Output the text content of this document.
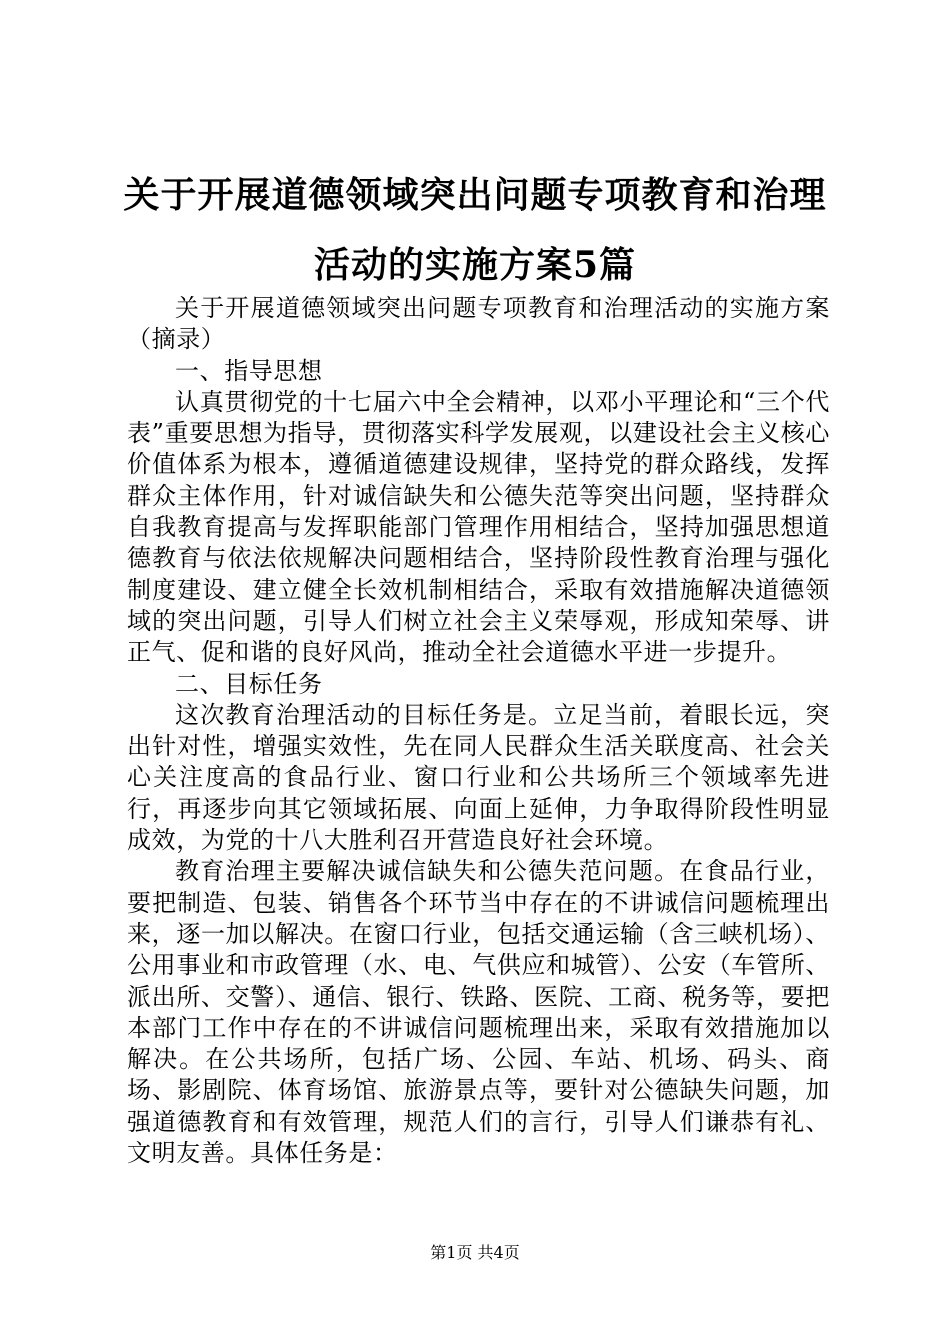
关于开展道德领域突出问题专项教育和治理活动的实施方案5篇

关于开展道德领域突出问题专项教育和治理活动的实施方案（摘录）

一、指导思想

认真贯彻党的十七届六中全会精神，以邓小平理论和“三个代表”重要思想为指导，贯彻落实科学发展观，以建设社会主义核心价值体系为根本，遵循道德建设规律，坚持党的群众路线，发挥群众主体作用，针对诚信缺失和公德失范等突出问题，坚持群众自我教育提高与发挥职能部门管理作用相结合，坚持加强思想道德教育与依法依规解决问题相结合，坚持阶段性教育治理与强化制度建设、建立健全长效机制相结合，采取有效措施解决道德领域的突出问题，引导人们树立社会主义荣辱观，形成知荣辱、讲正气、促和谐的良好风尚，推动全社会道德水平进一步提升。

二、目标任务

这次教育治理活动的目标任务是。立足当前，着眼长远，突出针对性，增强实效性，先在同人民群众生活关联度高、社会关心关注度高的食品行业、窗口行业和公共场所三个领域率先进行，再逐步向其它领域拓展、向面上延伸，力争取得阶段性明显成效，为党的十八大胜利召开营造良好社会环境。

教育治理主要解决诚信缺失和公德失范问题。在食品行业，要把制造、包装、销售各个环节当中存在的不讲诚信问题梳理出来，逐一加以解决。在窗口行业，包括交通运输（含三峡机场）、公用事业和市政管理（水、电、气供应和城管）、公安（车管所、派出所、交警）、通信、银行、铁路、医院、工商、税务等，要把本部门工作中存在的不讲诚信问题梳理出来，采取有效措施加以解决。在公共场所，包括广场、公园、车站、机场、码头、商场、影剧院、体育场馆、旅游景点等，要针对公德缺失问题，加强道德教育和有效管理，规范人们的言行，引导人们谦恭有礼、文明友善。具体任务是：

第1页 共4页
